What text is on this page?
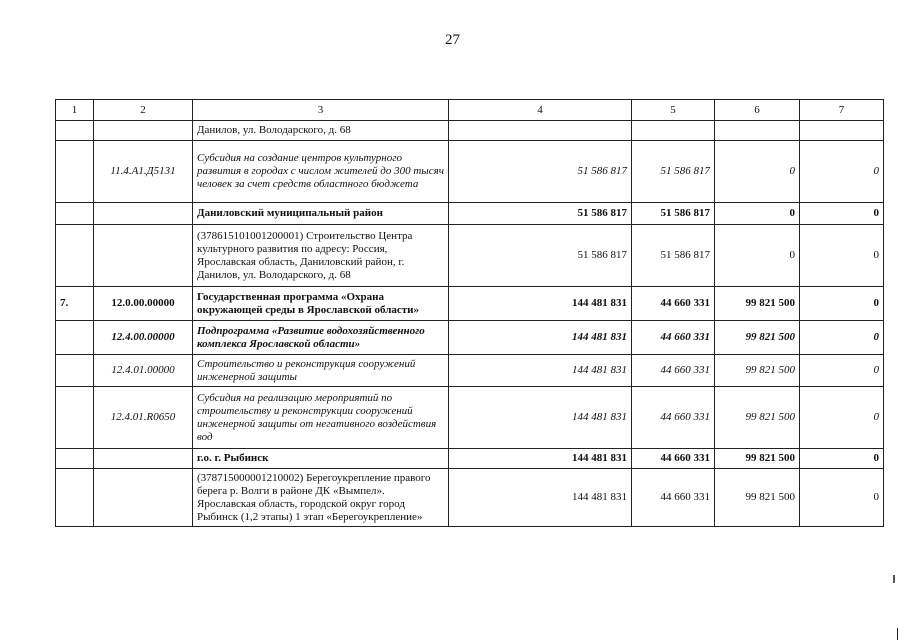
27
1	2	3	4	5	6	7
		Данилов, ул. Володарского, д. 68				
	11.4.А1.Д5131	Субсидия на создание центров культурного развития в городах с числом жителей до 300 тысяч человек за счет средств областного бюджета	51 586 817	51 586 817	0	0
		Даниловский муниципальный район	51 586 817	51 586 817	0	0
		(378615101001200001) Строительство Центра культурного развития по адресу: Россия, Ярославская область, Даниловский район, г. Данилов, ул. Володарского, д. 68	51 586 817	51 586 817	0	0
7.	12.0.00.00000	Государственная программа «Охрана окружающей среды в Ярославской области»	144 481 831	44 660 331	99 821 500	0
	12.4.00.00000	Подпрограмма «Развитие водохозяйственного комплекса Ярославской области»	144 481 831	44 660 331	99 821 500	0
	12.4.01.00000	Строительство и реконструкция сооружений инженерной защиты	144 481 831	44 660 331	99 821 500	0
	12.4.01.R0650	Субсидия на реализацию мероприятий по строительству и реконструкции сооружений инженерной защиты от негативного воздействия вод	144 481 831	44 660 331	99 821 500	0
		г.о. г. Рыбинск	144 481 831	44 660 331	99 821 500	0
		(378715000001210002) Берегоукрепление правого берега р. Волги в районе ДК «Вымпел». Ярославская область, городской округ город Рыбинск (1,2 этапы) 1 этап «Берегоукрепление»	144 481 831	44 660 331	99 821 500	0
